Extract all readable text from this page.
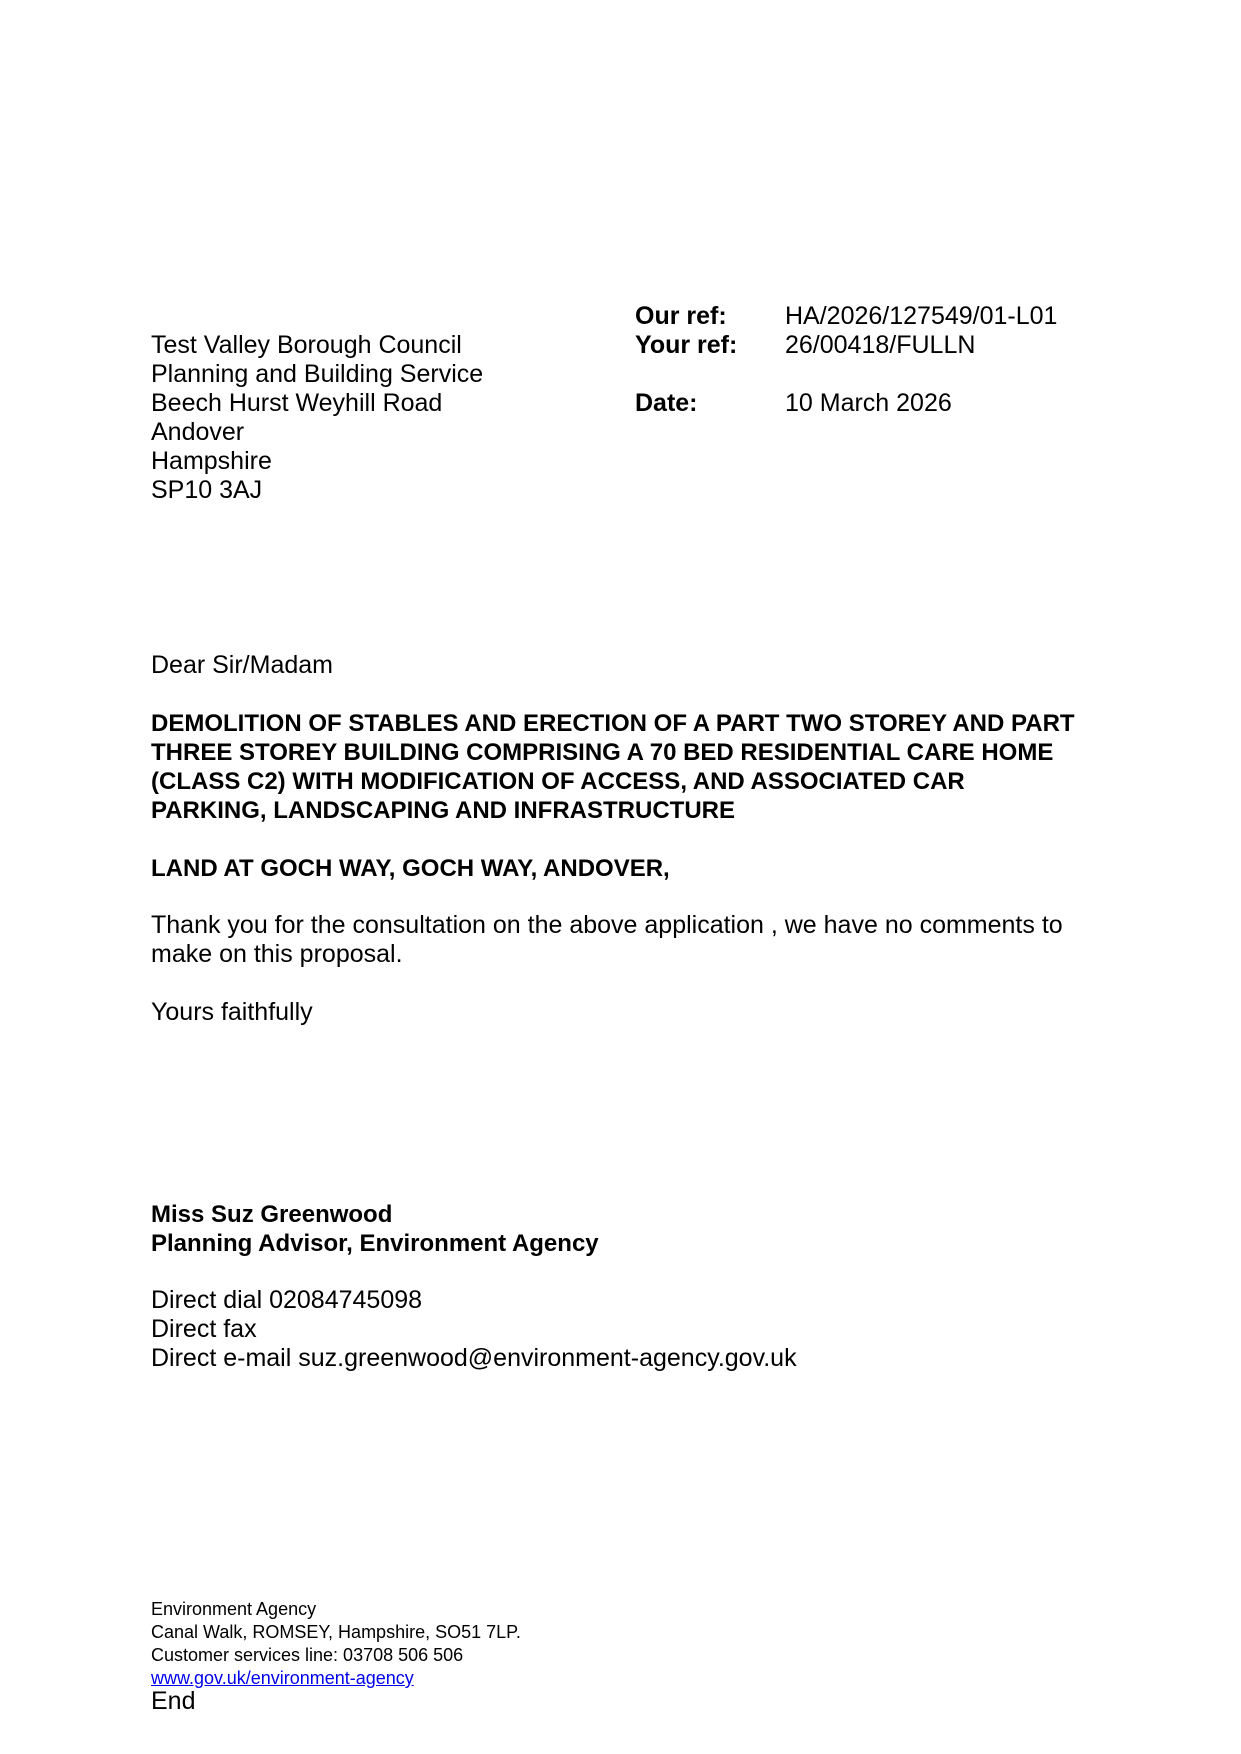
Test Valley Borough Council
Planning and Building Service
Beech Hurst Weyhill Road
Andover
Hampshire
SP10 3AJ
Our ref: HA/2026/127549/01-L01
Your ref: 26/00418/FULLN
Date:	10 March 2026
Dear Sir/Madam
DEMOLITION OF STABLES AND ERECTION OF A PART TWO STOREY AND PART
THREE STOREY BUILDING COMPRISING A 70 BED RESIDENTIAL CARE HOME
(CLASS C2) WITH MODIFICATION OF ACCESS, AND ASSOCIATED CAR
PARKING, LANDSCAPING AND INFRASTRUCTURE
LAND AT GOCH WAY, GOCH WAY, ANDOVER,
Thank you for the consultation on the above application , we have no comments to
make on this proposal.
Yours faithfully
Miss Suz Greenwood
Planning Advisor, Environment Agency
Direct dial 02084745098
Direct fax
Direct e-mail suz.greenwood@environment-agency.gov.uk
Environment Agency
Canal Walk, ROMSEY, Hampshire, SO51 7LP.
Customer services line: 03708 506 506
www.gov.uk/environment-agency
End
